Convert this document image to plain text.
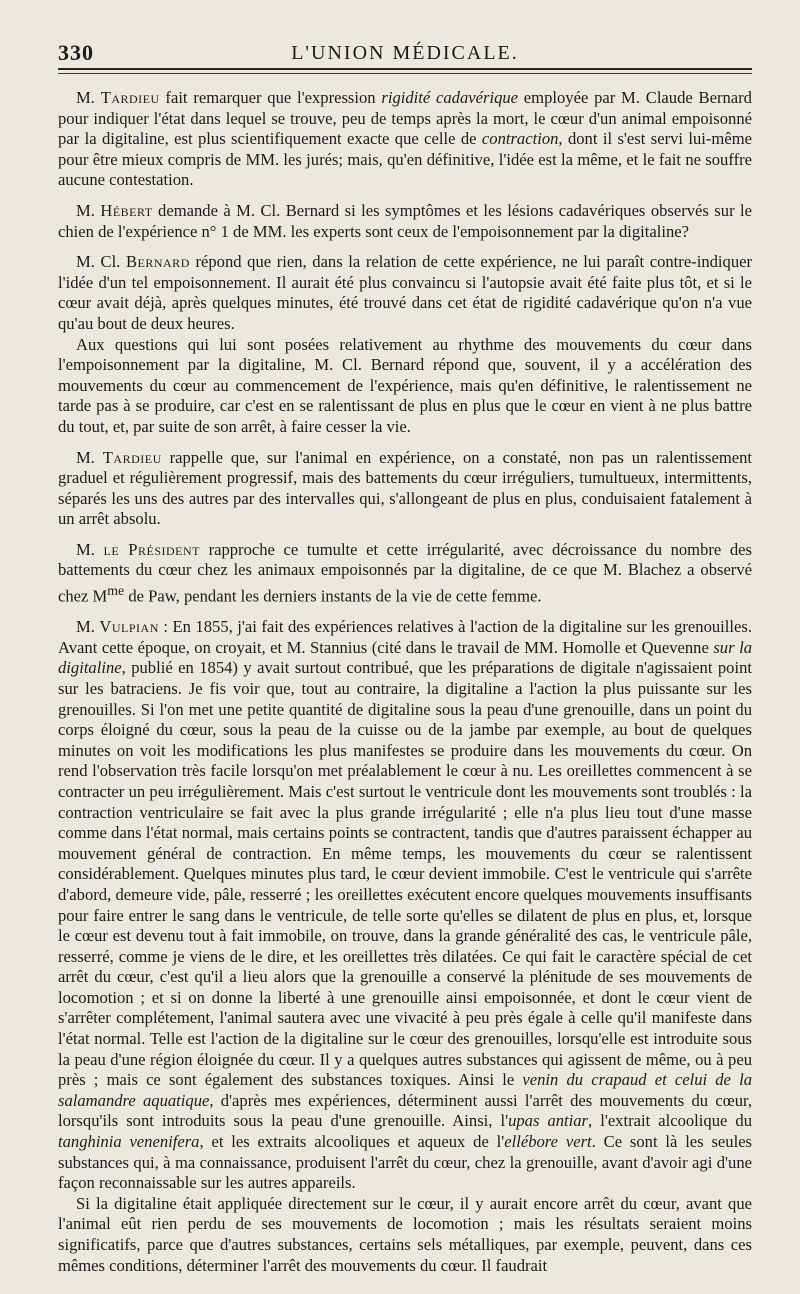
330	L'UNION MÉDICALE.

M. Tardieu fait remarquer que l'expression rigidité cadavérique employée par M. Claude Bernard pour indiquer l'état dans lequel se trouve, peu de temps après la mort, le cœur d'un animal empoisonné par la digitaline, est plus scientifiquement exacte que celle de contraction, dont il s'est servi lui-même pour être mieux compris de MM. les jurés; mais, qu'en définitive, l'idée est la même, et le fait ne souffre aucune contestation.

M. Hébert demande à M. Cl. Bernard si les symptômes et les lésions cadavériques observés sur le chien de l'expérience n° 1 de MM. les experts sont ceux de l'empoisonnement par la digitaline?

M. Cl. Bernard répond que rien, dans la relation de cette expérience, ne lui paraît contre-indiquer l'idée d'un tel empoisonnement. Il aurait été plus convaincu si l'autopsie avait été faite plus tôt, et si le cœur avait déjà, après quelques minutes, été trouvé dans cet état de rigidité cadavérique qu'on n'a vue qu'au bout de deux heures.

Aux questions qui lui sont posées relativement au rhythme des mouvements du cœur dans l'empoisonnement par la digitaline, M. Cl. Bernard répond que, souvent, il y a accélération des mouvements du cœur au commencement de l'expérience, mais qu'en définitive, le ralentissement ne tarde pas à se produire, car c'est en se ralentissant de plus en plus que le cœur en vient à ne plus battre du tout, et, par suite de son arrêt, à faire cesser la vie.

M. Tardieu rappelle que, sur l'animal en expérience, on a constaté, non pas un ralentissement graduel et régulièrement progressif, mais des battements du cœur irréguliers, tumultueux, intermittents, séparés les uns des autres par des intervalles qui, s'allongeant de plus en plus, conduisaient fatalement à un arrêt absolu.

M. le Président rapproche ce tumulte et cette irrégularité, avec décroissance du nombre des battements du cœur chez les animaux empoisonnés par la digitaline, de ce que M. Blachez a observé chez $M^{me}$ de Paw, pendant les derniers instants de la vie de cette femme.

M. Vulpian : En 1855, j'ai fait des expériences relatives à l'action de la digitaline sur les grenouilles. Avant cette époque, on croyait, et M. Stannius (cité dans le travail de MM. Homolle et Quevenne sur la digitaline, publié en 1854) y avait surtout contribué, que les préparations de digitale n'agissaient point sur les batraciens. Je fis voir que, tout au contraire, la digitaline a l'action la plus puissante sur les grenouilles. Si l'on met une petite quantité de digitaline sous la peau d'une grenouille, dans un point du corps éloigné du cœur, sous la peau de la cuisse ou de la jambe par exemple, au bout de quelques minutes on voit les modifications les plus manifestes se produire dans les mouvements du cœur. On rend l'observation très facile lorsqu'on met préalablement le cœur à nu. Les oreillettes commencent à se contracter un peu irrégulièrement. Mais c'est surtout le ventricule dont les mouvements sont troublés : la contraction ventriculaire se fait avec la plus grande irrégularité ; elle n'a plus lieu tout d'une masse comme dans l'état normal, mais certains points se contractent, tandis que d'autres paraissent échapper au mouvement général de contraction. En même temps, les mouvements du cœur se ralentissent considérablement. Quelques minutes plus tard, le cœur devient immobile. C'est le ventricule qui s'arrête d'abord, demeure vide, pâle, resserré ; les oreillettes exécutent encore quelques mouvements insuffisants pour faire entrer le sang dans le ventricule, de telle sorte qu'elles se dilatent de plus en plus, et, lorsque le cœur est devenu tout à fait immobile, on trouve, dans la grande généralité des cas, le ventricule pâle, resserré, comme je viens de le dire, et les oreillettes très dilatées. Ce qui fait le caractère spécial de cet arrêt du cœur, c'est qu'il a lieu alors que la grenouille a conservé la plénitude de ses mouvements de locomotion ; et si on donne la liberté à une grenouille ainsi empoisonnée, et dont le cœur vient de s'arrêter complétement, l'animal sautera avec une vivacité à peu près égale à celle qu'il manifeste dans l'état normal. Telle est l'action de la digitaline sur le cœur des grenouilles, lorsqu'elle est introduite sous la peau d'une région éloignée du cœur. Il y a quelques autres substances qui agissent de même, ou à peu près ; mais ce sont également des substances toxiques. Ainsi le venin du crapaud et celui de la salamandre aquatique, d'après mes expériences, déterminent aussi l'arrêt des mouvements du cœur, lorsqu'ils sont introduits sous la peau d'une grenouille. Ainsi, l'upas antiar, l'extrait alcoolique du tanghinia venenifera, et les extraits alcooliques et aqueux de l'ellébore vert. Ce sont là les seules substances qui, à ma connaissance, produisent l'arrêt du cœur, chez la grenouille, avant d'avoir agi d'une façon reconnaissable sur les autres appareils.

Si la digitaline était appliquée directement sur le cœur, il y aurait encore arrêt du cœur, avant que l'animal eût rien perdu de ses mouvements de locomotion ; mais les résultats seraient moins significatifs, parce que d'autres substances, certains sels métalliques, par exemple, peuvent, dans ces mêmes conditions, déterminer l'arrêt des mouvements du cœur. Il faudrait
